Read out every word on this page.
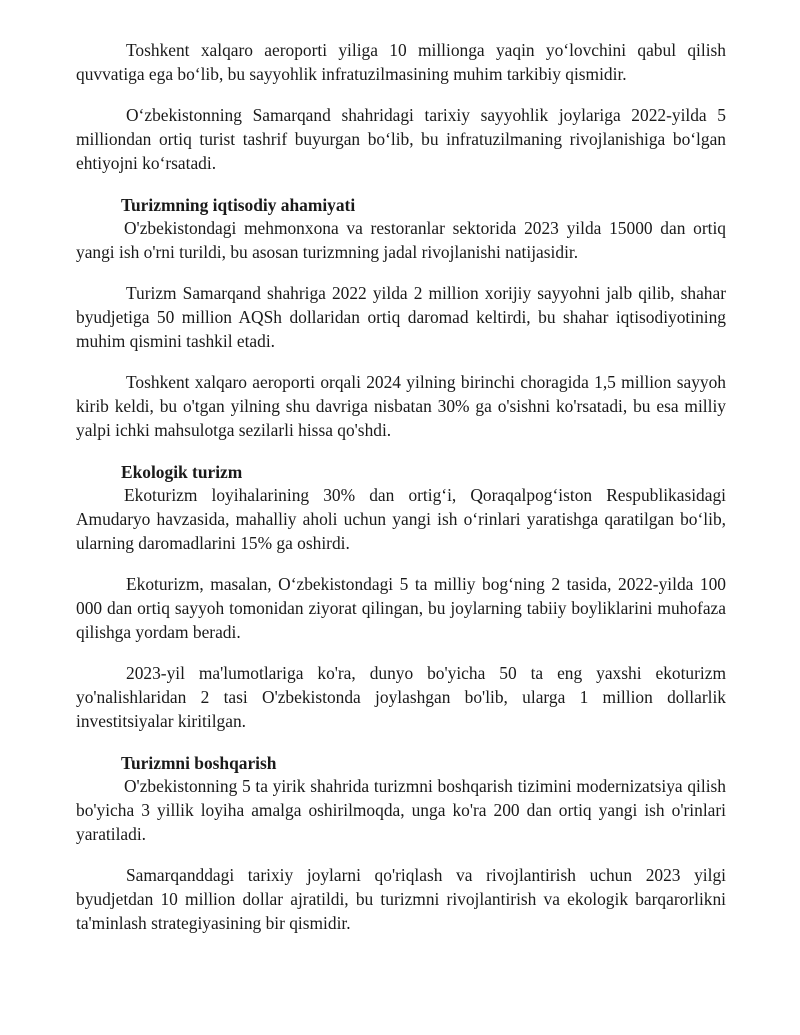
Toshkent xalqaro aeroporti yiliga 10 millionga yaqin yo‘lovchini qabul qilish quvvatiga ega bo‘lib, bu sayyohlik infratuzilmasining muhim tarkibiy qismidir.

O‘zbekistonning Samarqand shahridagi tarixiy sayyohlik joylariga 2022-yilda 5 milliondan ortiq turist tashrif buyurgan bo‘lib, bu infratuzilmaning rivojlanishiga bo‘lgan ehtiyojni ko‘rsatadi.

Turizmning iqtisodiy ahamiyati

O'zbekistondagi mehmonxona va restoranlar sektorida 2023 yilda 15000 dan ortiq yangi ish o'rni turildi, bu asosan turizmning jadal rivojlanishi natijasidir.

Turizm Samarqand shahriga 2022 yilda 2 million xorijiy sayyohni jalb qilib, shahar byudjetiga 50 million AQSh dollaridan ortiq daromad keltirdi, bu shahar iqtisodiyotining muhim qismini tashkil etadi.

Toshkent xalqaro aeroporti orqali 2024 yilning birinchi choragida 1,5 million sayyoh kirib keldi, bu o'tgan yilning shu davriga nisbatan 30% ga o'sishni ko'rsatadi, bu esa milliy yalpi ichki mahsulotga sezilarli hissa qo'shdi.

Ekologik turizm

Ekoturizm loyihalarining 30% dan ortig‘i, Qoraqalpog‘iston Respublikasidagi Amudaryo havzasida, mahalliy aholi uchun yangi ish o‘rinlari yaratishga qaratilgan bo‘lib, ularning daromadlarini 15% ga oshirdi.

Ekoturizm, masalan, O‘zbekistondagi 5 ta milliy bog‘ning 2 tasida, 2022-yilda 100 000 dan ortiq sayyoh tomonidan ziyorat qilingan, bu joylarning tabiiy boyliklarini muhofaza qilishga yordam beradi.

2023-yil ma'lumotlariga ko'ra, dunyo bo'yicha 50 ta eng yaxshi ekoturizm yo'nalishlaridan 2 tasi O'zbekistonda joylashgan bo'lib, ularga 1 million dollarlik investitsiyalar kiritilgan.

Turizmni boshqarish

O'zbekistonning 5 ta yirik shahrida turizmni boshqarish tizimini modernizatsiya qilish bo'yicha 3 yillik loyiha amalga oshirilmoqda, unga ko'ra 200 dan ortiq yangi ish o'rinlari yaratiladi.

Samarqanddagi tarixiy joylarni qo'riqlash va rivojlantirish uchun 2023 yilgi byudjetdan 10 million dollar ajratildi, bu turizmni rivojlantirish va ekologik barqarorlikni ta'minlash strategiyasining bir qismidir.
